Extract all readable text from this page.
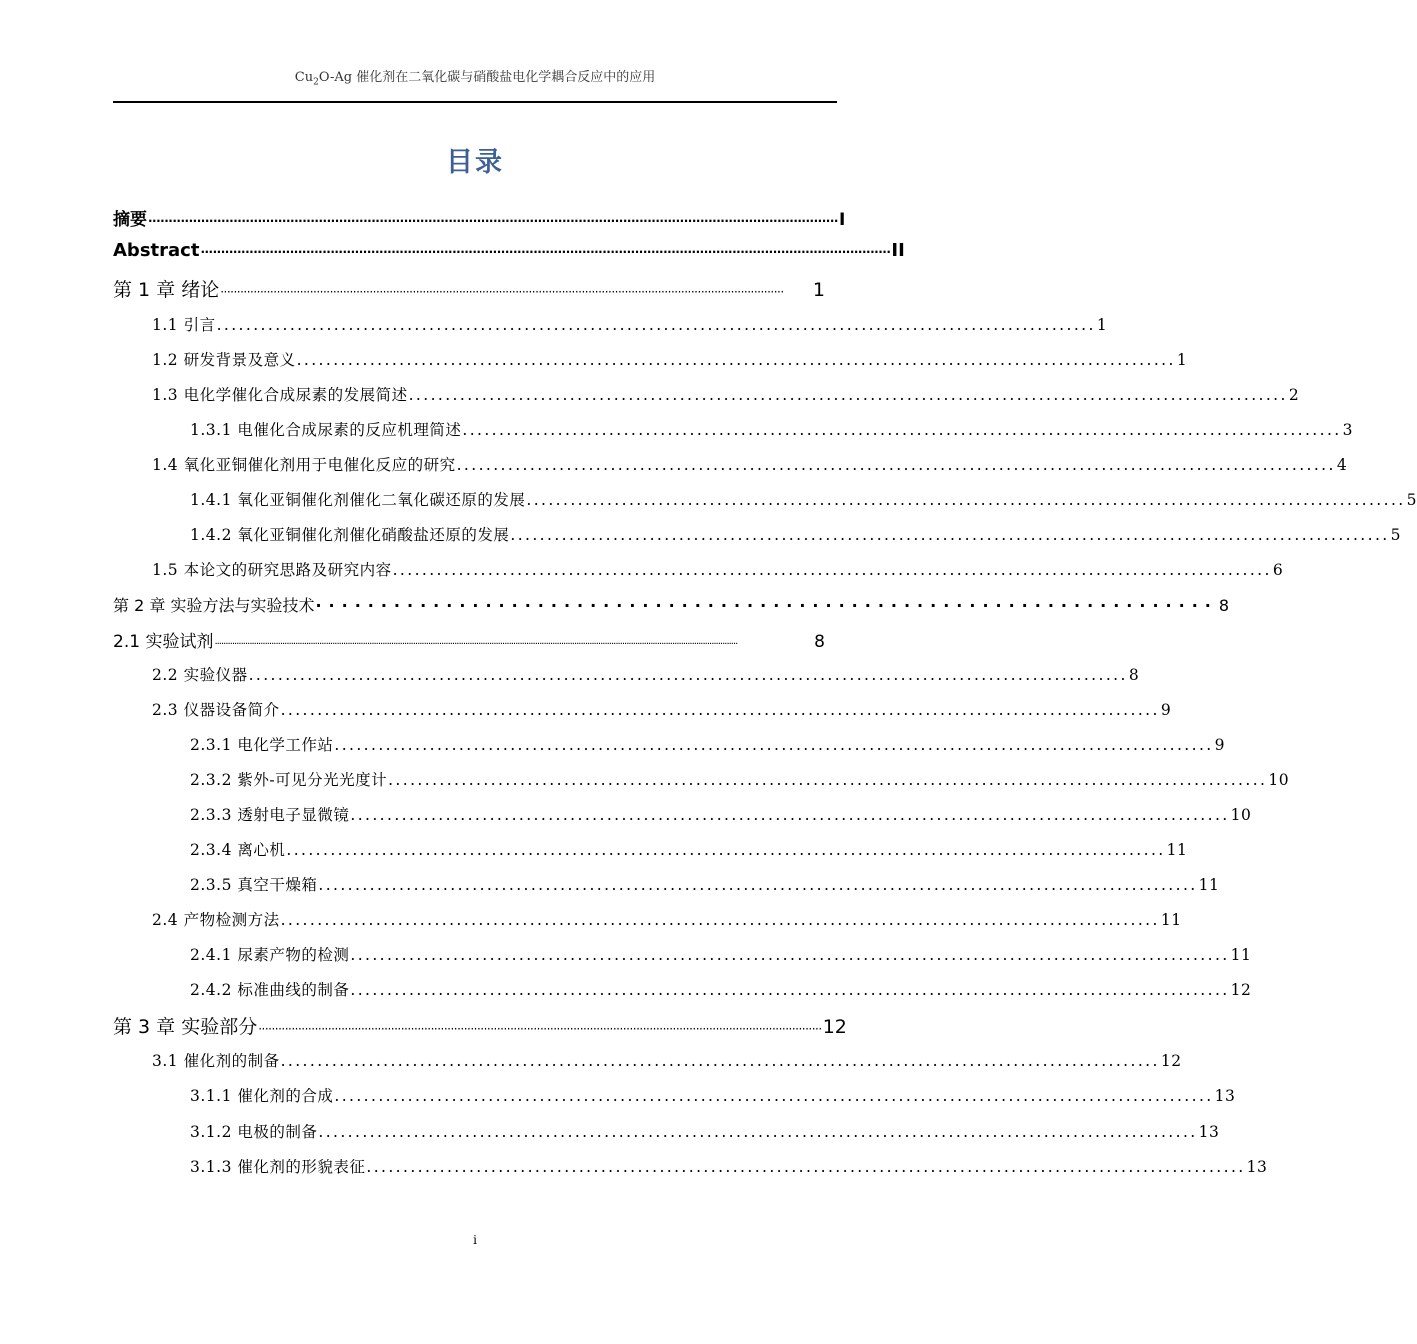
$Cu_2O-Ag$ 催化剂在二氧化碳与硝酸盐电化学耦合反应中的应用
目录
摘要 ·········································································································································································· I
Abstract ·········································································································································································· II
第 1 章 绪论 ··········································································································································································	1
1.1 引言 ........................................................................................................................ 1
1.2 研发背景及意义 ........................................................................................................................ 1
1.3 电化学催化合成尿素的发展简述 ........................................................................................................................ 2
1.3.1 电催化合成尿素的反应机理简述 ........................................................................................................................ 3
1.4 氧化亚铜催化剂用于电催化反应的研究 ........................................................................................................................ 4
1.4.1 氧化亚铜催化剂催化二氧化碳还原的发展 ........................................................................................................................ 5
1.4.2 氧化亚铜催化剂催化硝酸盐还原的发展 ........................................................................................................................ 5
1.5 本论文的研究思路及研究内容 ........................................................................................................................ 6
第 2 章 实验方法与实验技术 ····································································· 8
2.1 实验试剂 ················································································································································································································································	8
2.2 实验仪器 ........................................................................................................................ 8
2.3 仪器设备简介 ........................................................................................................................ 9
2.3.1 电化学工作站 ........................................................................................................................ 9
2.3.2 紫外-可见分光光度计 ........................................................................................................................ 10
2.3.3 透射电子显微镜 ........................................................................................................................ 10
2.3.4 离心机 ........................................................................................................................ 11
2.3.5 真空干燥箱 ........................................................................................................................ 11
2.4 产物检测方法 ........................................................................................................................ 11
2.4.1 尿素产物的检测 ........................................................................................................................ 11
2.4.2 标准曲线的制备 ........................................................................................................................ 12
第 3 章 实验部分 ·········································································································································································· 12
3.1 催化剂的制备 ........................................................................................................................ 12
3.1.1 催化剂的合成 ........................................................................................................................ 13
3.1.2 电极的制备 ........................................................................................................................ 13
3.1.3 催化剂的形貌表征 ........................................................................................................................ 13
i
